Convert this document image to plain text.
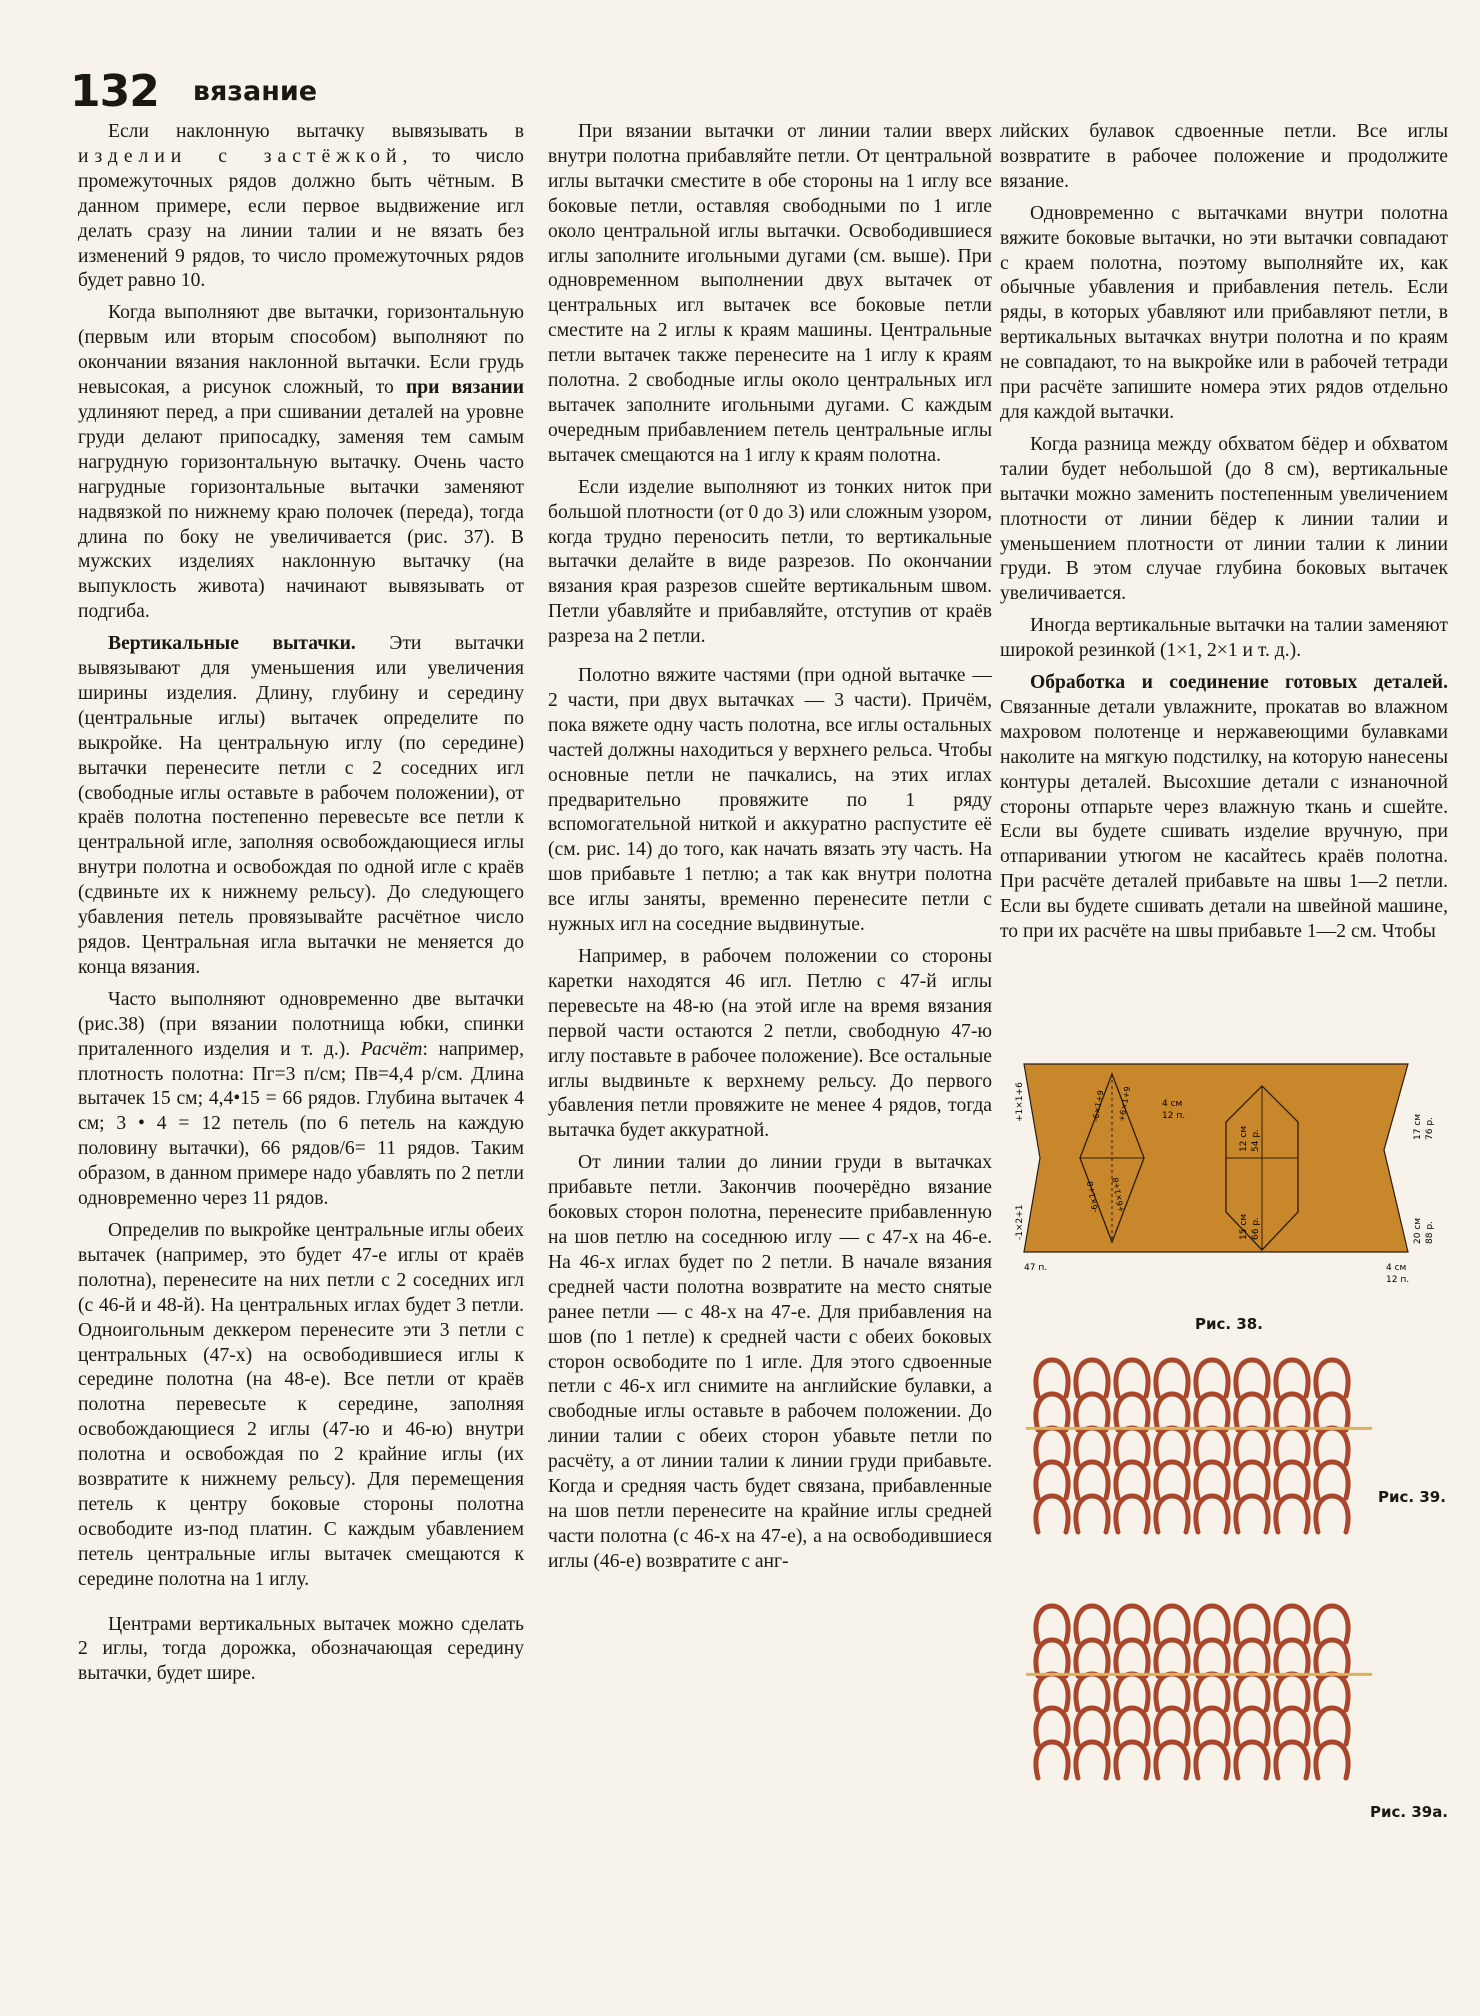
132 вязание

Если наклонную вытачку вывязывать в изделии с застёжкой, то число промежуточных рядов должно быть чётным. В данном примере, если первое выдвижение игл делать сразу на линии талии и не вязать без изменений 9 рядов, то число промежуточных рядов будет равно 10.

Когда выполняют две вытачки, горизонтальную (первым или вторым способом) выполняют по окончании вязания наклонной вытачки. Если грудь невысокая, а рисунок сложный, то при вязании удлиняют перед, а при сшивании деталей на уровне груди делают припосадку, заменяя тем самым нагрудную горизонтальную вытачку. Очень часто нагрудные горизонтальные вытачки заменяют надвязкой по нижнему краю полочек (переда), тогда длина по боку не увеличивается (рис. 37). В мужских изделиях наклонную вытачку (на выпуклость живота) начинают вывязывать от подгиба.

Вертикальные вытачки. Эти вытачки вывязывают для уменьшения или увеличения ширины изделия. Длину, глубину и середину (центральные иглы) вытачек определите по выкройке. На центральную иглу (по середине) вытачки перенесите петли с 2 соседних игл (свободные иглы оставьте в рабочем положении), от краёв полотна постепенно перевесьте все петли к центральной игле, заполняя освобождающиеся иглы внутри полотна и освобождая по одной игле с краёв (сдвиньте их к нижнему рельсу). До следующего убавления петель провязывайте расчётное число рядов. Центральная игла вытачки не меняется до конца вязания.

Часто выполняют одновременно две вытачки (рис.38) (при вязании полотнища юбки, спинки приталенного изделия и т. д.). Расчёт: например, плотность полотна: Пг=3 п/см; Пв=4,4 р/см. Длина вытачек 15 см; 4,4•15 = 66 рядов. Глубина вытачек 4 см; 3 • 4 = 12 петель (по 6 петель на каждую половину вытачки), 66 рядов/6= 11 рядов. Таким образом, в данном примере надо убавлять по 2 петли одновременно через 11 рядов.

Определив по выкройке центральные иглы обеих вытачек (например, это будет 47-е иглы от краёв полотна), перенесите на них петли с 2 соседних игл (с 46-й и 48-й). На центральных иглах будет 3 петли. Одноигольным деккером перенесите эти 3 петли с центральных (47-х) на освободившиеся иглы к середине полотна (на 48-е). Все петли от краёв полотна перевесьте к середине, заполняя освобождающиеся 2 иглы (47-ю и 46-ю) внутри полотна и освобождая по 2 крайние иглы (их возвратите к нижнему рельсу). Для перемещения петель к центру боковые стороны полотна освободите из-под платин. С каждым убавлением петель центральные иглы вытачек смещаются к середине полотна на 1 иглу.

Центрами вертикальных вытачек можно сделать 2 иглы, тогда дорожка, обозначающая середину вытачки, будет шире.

При вязании вытачки от линии талии вверх внутри полотна прибавляйте петли. От центральной иглы вытачки сместите в обе стороны на 1 иглу все боковые петли, оставляя свободными по 1 игле около центральной иглы вытачки. Освободившиеся иглы заполните игольными дугами (см. выше). При одновременном выполнении двух вытачек от центральных игл вытачек все боковые петли сместите на 2 иглы к краям машины. Центральные петли вытачек также перенесите на 1 иглу к краям полотна. 2 свободные иглы около центральных игл вытачек заполните игольными дугами. С каждым очередным прибавлением петель центральные иглы вытачек смещаются на 1 иглу к краям полотна.

Если изделие выполняют из тонких ниток при большой плотности (от 0 до 3) или сложным узором, когда трудно переносить петли, то вертикальные вытачки делайте в виде разрезов. По окончании вязания края разрезов сшейте вертикальным швом. Петли убавляйте и прибавляйте, отступив от краёв разреза на 2 петли.

Полотно вяжите частями (при одной вытачке — 2 части, при двух вытачках — 3 части). Причём, пока вяжете одну часть полотна, все иглы остальных частей должны находиться у верхнего рельса. Чтобы основные петли не пачкались, на этих иглах предварительно провяжите по 1 ряду вспомогательной ниткой и аккуратно распустите её (см. рис. 14) до того, как начать вязать эту часть. На шов прибавьте 1 петлю; а так как внутри полотна все иглы заняты, временно перенесите петли с нужных игл на соседние выдвинутые.

Например, в рабочем положении со стороны каретки находятся 46 игл. Петлю с 47-й иглы перевесьте на 48-ю (на этой игле на время вязания первой части остаются 2 петли, свободную 47-ю иглу поставьте в рабочее положение). Все остальные иглы выдвиньте к верхнему рельсу. До первого убавления петли провяжите не менее 4 рядов, тогда вытачка будет аккуратной.

От линии талии до линии груди в вытачках прибавьте петли. Закончив поочерёдно вязание боковых сторон полотна, перенесите прибавленную на шов петлю на соседнюю иглу — с 47-х на 46-е. На 46-х иглах будет по 2 петли. В начале вязания средней части полотна возвратите на место снятые ранее петли — с 48-х на 47-е. Для прибавления на шов (по 1 петле) к средней части с обеих боковых сторон освободите по 1 игле. Для этого сдвоенные петли с 46-х игл снимите на английские булавки, а свободные иглы оставьте в рабочем положении. До линии талии с обеих сторон убавьте петли по расчёту, а от линии талии к линии груди прибавьте. Когда и средняя часть будет связана, прибавленные на шов петли перенесите на крайние иглы средней части полотна (с 46-х на 47-е), а на освободившиеся иглы (46-е) возвратите с анг-

лийских булавок сдвоенные петли. Все иглы возвратите в рабочее положение и продолжите вязание.

Одновременно с вытачками внутри полотна вяжите боковые вытачки, но эти вытачки совпадают с краем полотна, поэтому выполняйте их, как обычные убавления и прибавления петель. Если ряды, в которых убавляют или прибавляют петли, в вертикальных вытачках внутри полотна и по краям не совпадают, то на выкройке или в рабочей тетради при расчёте запишите номера этих рядов отдельно для каждой вытачки.

Когда разница между обхватом бёдер и обхватом талии будет небольшой (до 8 см), вертикальные вытачки можно заменить постепенным увеличением плотности от линии бёдер к линии талии и уменьшением плотности от линии талии к линии груди. В этом случае глубина боковых вытачек увеличивается.

Иногда вертикальные вытачки на талии заменяют широкой резинкой (1×1, 2×1 и т. д.).

Обработка и соединение готовых деталей. Связанные детали увлажните, прокатав во влажном махровом полотенце и нержавеющими булавками наколите на мягкую подстилку, на которую нанесены контуры деталей. Высохшие детали с изнаночной стороны отпарьте через влажную ткань и сшейте. Если вы будете сшивать изделие вручную, при отпаривании утюгом не касайтесь краёв полотна. При расчёте деталей прибавьте на швы 1—2 петли. Если вы будете сшивать детали на швейной машине, то при их расчёте на швы прибавьте 1—2 см. Чтобы

+1×1+6
-1×2+1
-6×1+9 +6×1+9
-6×1+8 +6×1+8
4 см
12 п.
12 см 54 р.
15 см 66 р.
17 см 76 р.
20 см 88 р.
47 п.	4 см
12 п.
Рис. 38.
Рис. 39.
Рис. 39а.
